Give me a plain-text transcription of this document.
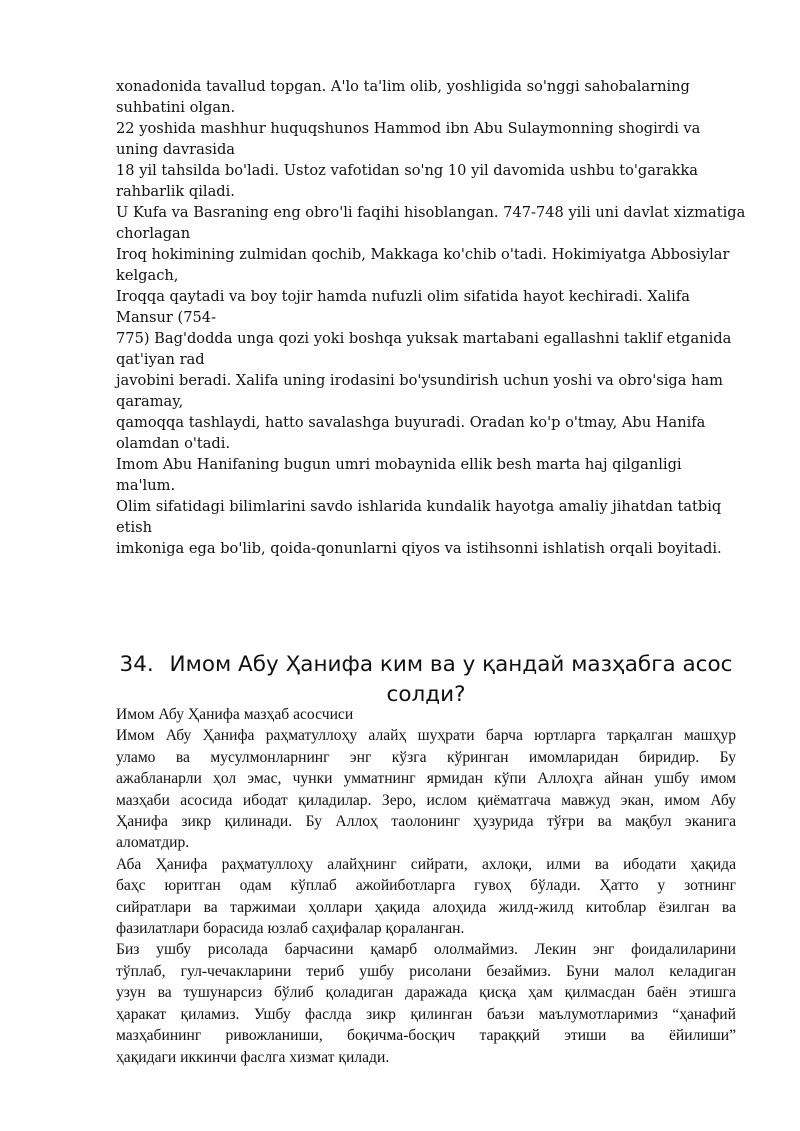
xonadonida tavallud topgan. A'lo ta'lim olib, yoshligida so'nggi sahobalarning
suhbatini olgan.
22 yoshida mashhur huquqshunos Hammod ibn Abu Sulaymonning shogirdi va
uning davrasida
18 yil tahsilda bo'ladi. Ustoz vafotidan so'ng 10 yil davomida ushbu to'garakka
rahbarlik qiladi.
U Kufa va Basraning eng obro'li faqihi hisoblangan. 747-748 yili uni davlat xizmatiga
chorlagan
Iroq hokimining zulmidan qochib, Makkaga ko'chib o'tadi. Hokimiyatga Abbosiylar
kelgach,
Iroqqa qaytadi va boy tojir hamda nufuzli olim sifatida hayot kechiradi. Xalifa
Mansur (754-
775) Bag'dodda unga qozi yoki boshqa yuksak martabani egallashni taklif etganida
qat'iyan rad
javobini beradi. Xalifa uning irodasini bo'ysundirish uchun yoshi va obro'siga ham
qaramay,
qamoqqa tashlaydi, hatto savalashga buyuradi. Oradan ko'p o'tmay, Abu Hanifa
olamdan o'tadi.
Imom Abu Hanifaning bugun umri mobaynida ellik besh marta haj qilganligi
ma'lum.
Olim sifatidagi bilimlarini savdo ishlarida kundalik hayotga amaliy jihatdan tatbiq
etish
imkoniga ega bo'lib, qoida-qonunlarni qiyos va istihsonni ishlatish orqali boyitadi.
34. Имом Абу Ҳанифа ким ва у қандай мазҳабга асос
солди?
Имом Абу Ҳанифа мазҳаб асосчиси
Имом Абу Ҳанифа раҳматуллоҳу алайҳ шуҳрати барча юртларга тарқалган машҳур
уламо ва мусулмонларнинг энг кўзга кўринган имомларидан биридир. Бу
ажабланарли ҳол эмас, чунки умматнинг ярмидан кўпи Аллоҳга айнан ушбу имом
мазҳаби асосида ибодат қиладилар. Зеро, ислом қиёматгача мавжуд экан, имом Абу
Ҳанифа зикр қилинади. Бу Аллоҳ таолонинг ҳузурида тўғри ва мақбул эканига
аломатдир.
Аба Ҳанифа раҳматуллоҳу алайҳнинг сийрати, ахлоқи, илми ва ибодати ҳақида
баҳс юритган одам кўплаб ажойиботларга гувоҳ бўлади. Ҳатто у зотнинг
сийратлари ва таржимаи ҳоллари ҳақида алоҳида жилд-жилд китоблар ёзилган ва
фазилатлари борасида юзлаб саҳифалар қораланган.
Биз ушбу рисолада барчасини қамарб ололмаймиз. Лекин энг фоидалиларини
тўплаб, гул-чечакларини териб ушбу рисолани безаймиз. Буни малол келадиган
узун ва тушунарсиз бўлиб қоладиган даражада қисқа ҳам қилмасдан баён этишга
ҳаракат қиламиз. Ушбу фаслда зикр қилинган баъзи маълумотларимиз “ҳанафий
мазҳабининг ривожланиши, боқичма-босқич тараққий этиши ва ёйилиши”
ҳақидаги иккинчи фаслга хизмат қилади.
